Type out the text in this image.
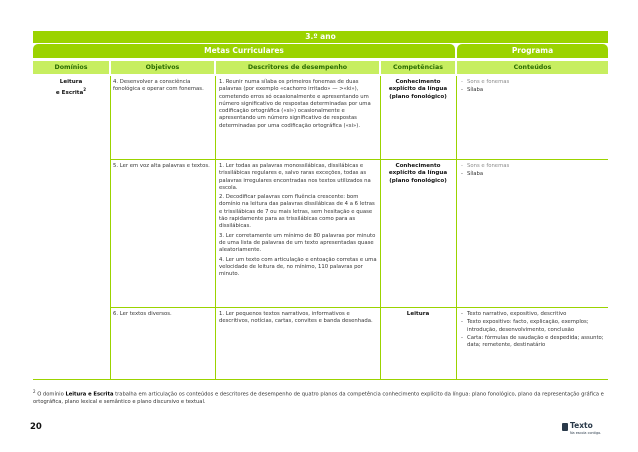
3.º ano
Metas Curriculares	Programa
Domínios	Objetivos	Descritores de desempenho	Competências	Conteúdos
Leitura
e Escrita$^2$

4. Desenvolver a consciência fonológica e operar com fonemas.

1. Reunir numa sílaba os primeiros fonemas de duas palavras (por exemplo «cachorro irritado» — >«ki»), cometendo erros só ocasionalmente e apresentando um número significativo de respostas determinadas por uma codificação ortográfica («si») ocasionalmente e apresentando um número significativo de respostas determinadas por uma codificação ortográfica («si»).

Conhecimento explícito da língua (plano fonológico)
- Sons e fonemas
- Sílaba

5. Ler em voz alta palavras e textos. 1. Ler todas as palavras monossilábicas, dissilábicas e trissilábicas regulares e, salvo raras exceções, todas as palavras irregulares encontradas nos textos utilizados na escola.

2. Decodificar palavras com fluência crescente: bom domínio na leitura das palavras dissilábicas de 4 a 6 letras e trissilábicas de 7 ou mais letras, sem hesitação e quase tão rapidamente para as trissilábicas como para as dissilábicas.

3. Ler corretamente um mínimo de 80 palavras por minuto de uma lista de palavras de um texto apresentadas quase aleatoriamente.

4. Ler um texto com articulação e entoação corretas e uma velocidade de leitura de, no mínimo, 110 palavras por minuto.

Conhecimento explícito da língua (plano fonológico)
- Sons e fonemas
- Sílaba

6. Ler textos diversos.	1. Ler pequenos textos narrativos, informativos e descritivos, notícias, cartas, convites e banda desenhada.

Leitura
-	Texto narrativo, expositivo, descritivo
- Texto expositivo: facto, explicação, exemplos; introdução, desenvolvimento, conclusão
- Carta: fórmulas de saudação e despedida; assunto; data; remetente, destinatário
$^2$ O domínio Leitura e Escrita trabalha em articulação os conteúdos e descritores de desempenho de quatro planos da competência conhecimento explícito da língua: plano fonológico, plano da representação gráfica e ortográfica, plano lexical e semântico e plano discursivo e textual.
20	Texto
Na escola contigo.
